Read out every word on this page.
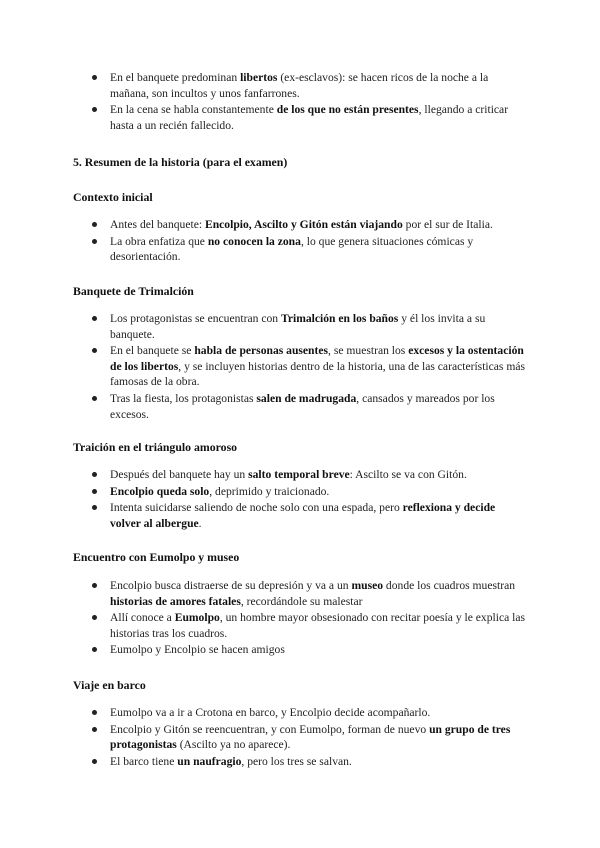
En el banquete predominan libertos (ex-esclavos): se hacen ricos de la noche a la mañana, son incultos y unos fanfarrones.
En la cena se habla constantemente de los que no están presentes, llegando a criticar hasta a un recién fallecido.
5. Resumen de la historia (para el examen)
Contexto inicial
Antes del banquete: Encolpio, Ascilto y Gitón están viajando por el sur de Italia.
La obra enfatiza que no conocen la zona, lo que genera situaciones cómicas y desorientación.
Banquete de Trimalción
Los protagonistas se encuentran con Trimalción en los baños y él los invita a su banquete.
En el banquete se habla de personas ausentes, se muestran los excesos y la ostentación de los libertos, y se incluyen historias dentro de la historia, una de las características más famosas de la obra.
Tras la fiesta, los protagonistas salen de madrugada, cansados y mareados por los excesos.
Traición en el triángulo amoroso
Después del banquete hay un salto temporal breve: Ascilto se va con Gitón.
Encolpio queda solo, deprimido y traicionado.
Intenta suicidarse saliendo de noche solo con una espada, pero reflexiona y decide volver al albergue.
Encuentro con Eumolpo y museo
Encolpio busca distraerse de su depresión y va a un museo donde los cuadros muestran historias de amores fatales, recordándole su malestar
Allí conoce a Eumolpo, un hombre mayor obsesionado con recitar poesía y le explica las historias tras los cuadros.
Eumolpo y Encolpio se hacen amigos
Viaje en barco
Eumolpo va a ir a Crotona en barco, y Encolpio decide acompañarlo.
Encolpio y Gitón se reencuentran, y con Eumolpo, forman de nuevo un grupo de tres protagonistas (Ascilto ya no aparece).
El barco tiene un naufragio, pero los tres se salvan.
